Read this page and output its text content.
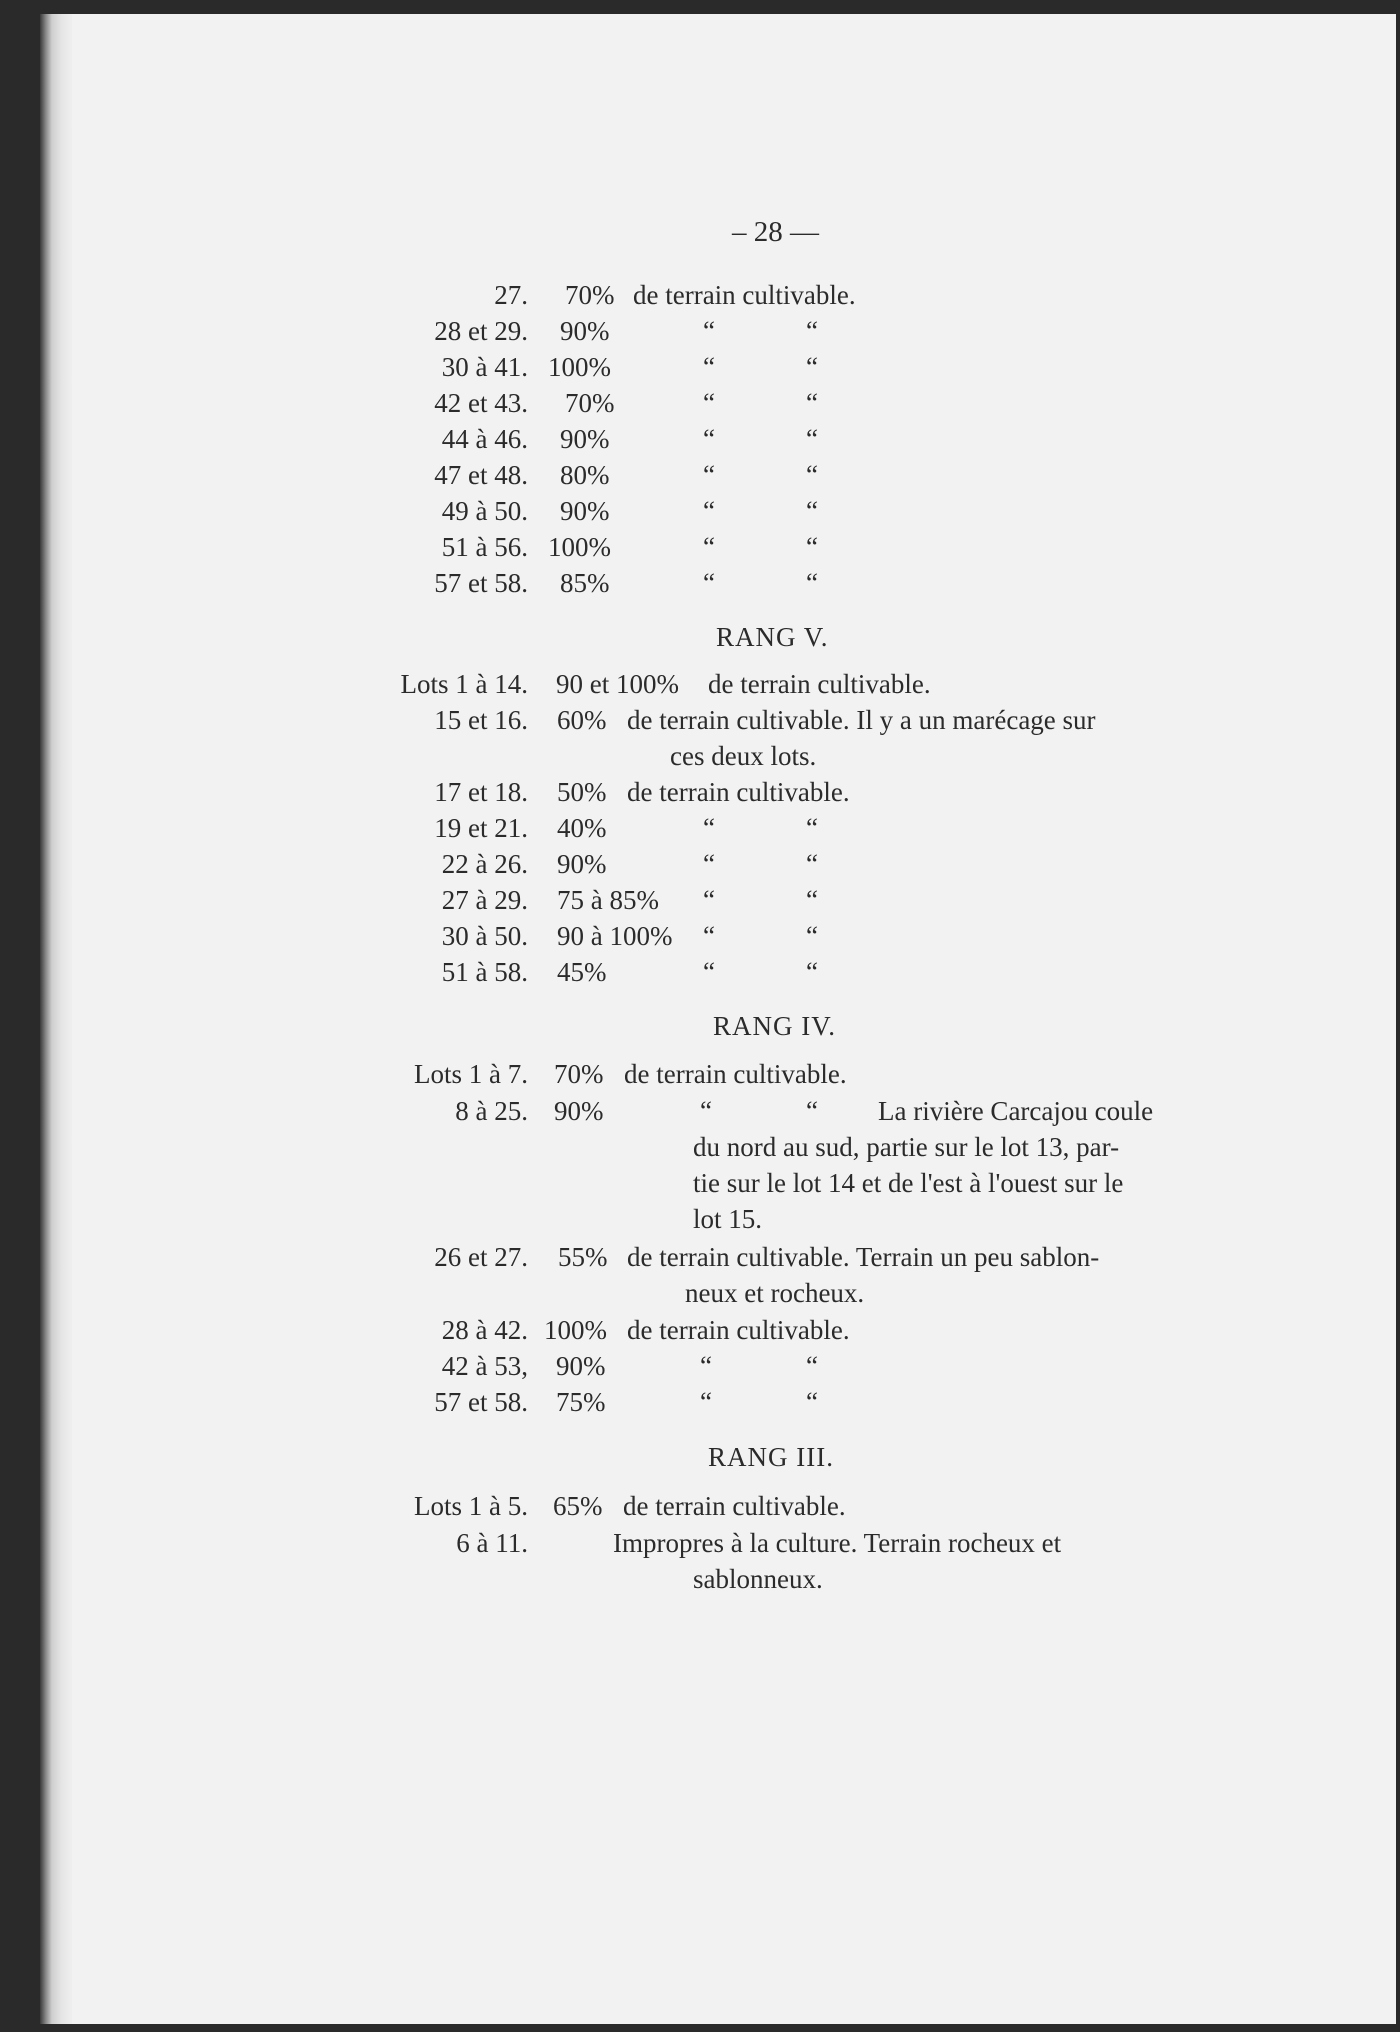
– 28 —
27. 70% de terrain cultivable.
28 et 29. 90%	“	“
30 à 41. 100%	“	“
42 et 43. 70%	“	“
44 à 46. 90%	“	“
47 et 48. 80%	“	“
49 à 50. 90%	“	“
51 à 56. 100%	“	“
57 et 58. 85%	“	“
RANG V.
Lots 1 à 14. 90 et 100% de terrain cultivable.
15 et 16. 60% de terrain cultivable. Il y a un marécage sur
ces deux lots.
17 et 18. 50% de terrain cultivable.
19 et 21. 40%	“	“
22 à 26. 90%	“	“
27 à 29. 75 à 85% “	“
30 à 50. 90 à 100% “	“
51 à 58. 45%	“	“
RANG IV.
Lots 1 à 7. 70% de terrain cultivable.
8 à 25. 90%	“	“ La rivière Carcajou coule
du nord au sud, partie sur le lot 13, par-
tie sur le lot 14 et de l'est à l'ouest sur le
lot 15.
26 et 27. 55% de terrain cultivable. Terrain un peu sablon-
neux et rocheux.
28 à 42. 100% de terrain cultivable.
42 à 53, 90%	“	“
57 et 58. 75%	“	“
RANG III.
Lots 1 à 5. 65% de terrain cultivable.
6 à 11.	Impropres à la culture. Terrain rocheux et
sablonneux.
